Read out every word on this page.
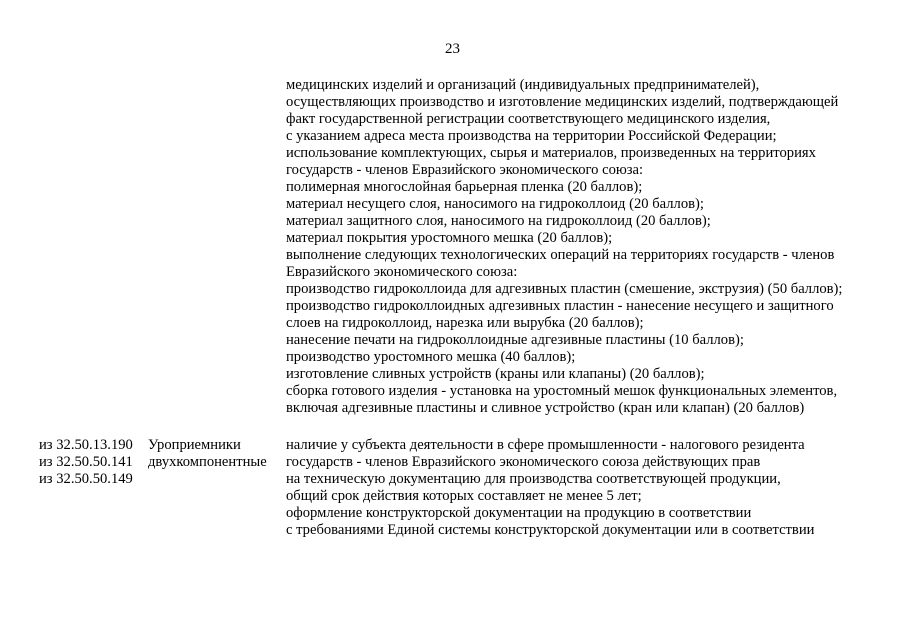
23
медицинских изделий и организаций (индивидуальных предпринимателей),
осуществляющих производство и изготовление медицинских изделий, подтверждающей
факт государственной регистрации соответствующего медицинского изделия,
с указанием адреса места производства на территории Российской Федерации;
использование комплектующих, сырья и материалов, произведенных на территориях
государств - членов Евразийского экономического союза:
полимерная многослойная барьерная пленка (20 баллов);
материал несущего слоя, наносимого на гидроколлоид (20 баллов);
материал защитного слоя, наносимого на гидроколлоид (20 баллов);
материал покрытия уростомного мешка (20 баллов);
выполнение следующих технологических операций на территориях государств - членов
Евразийского экономического союза:
производство гидроколлоида для адгезивных пластин (смешение, экструзия) (50 баллов);
производство гидроколлоидных адгезивных пластин - нанесение несущего и защитного
слоев на гидроколлоид, нарезка или вырубка (20 баллов);
нанесение печати на гидроколлоидные адгезивные пластины (10 баллов);
производство уростомного мешка (40 баллов);
изготовление сливных устройств (краны или клапаны) (20 баллов);
сборка готового изделия - установка на уростомный мешок функциональных элементов,
включая адгезивные пластины и сливное устройство (кран или клапан) (20 баллов)
из 32.50.13.190
из 32.50.50.141
из 32.50.50.149
Уроприемники
двухкомпонентные
наличие у субъекта деятельности в сфере промышленности - налогового резидента
государств - членов Евразийского экономического союза действующих прав
на техническую документацию для производства соответствующей продукции,
общий срок действия которых составляет не менее 5 лет;
оформление конструкторской документации на продукцию в соответствии
с требованиями Единой системы конструкторской документации или в соответствии
